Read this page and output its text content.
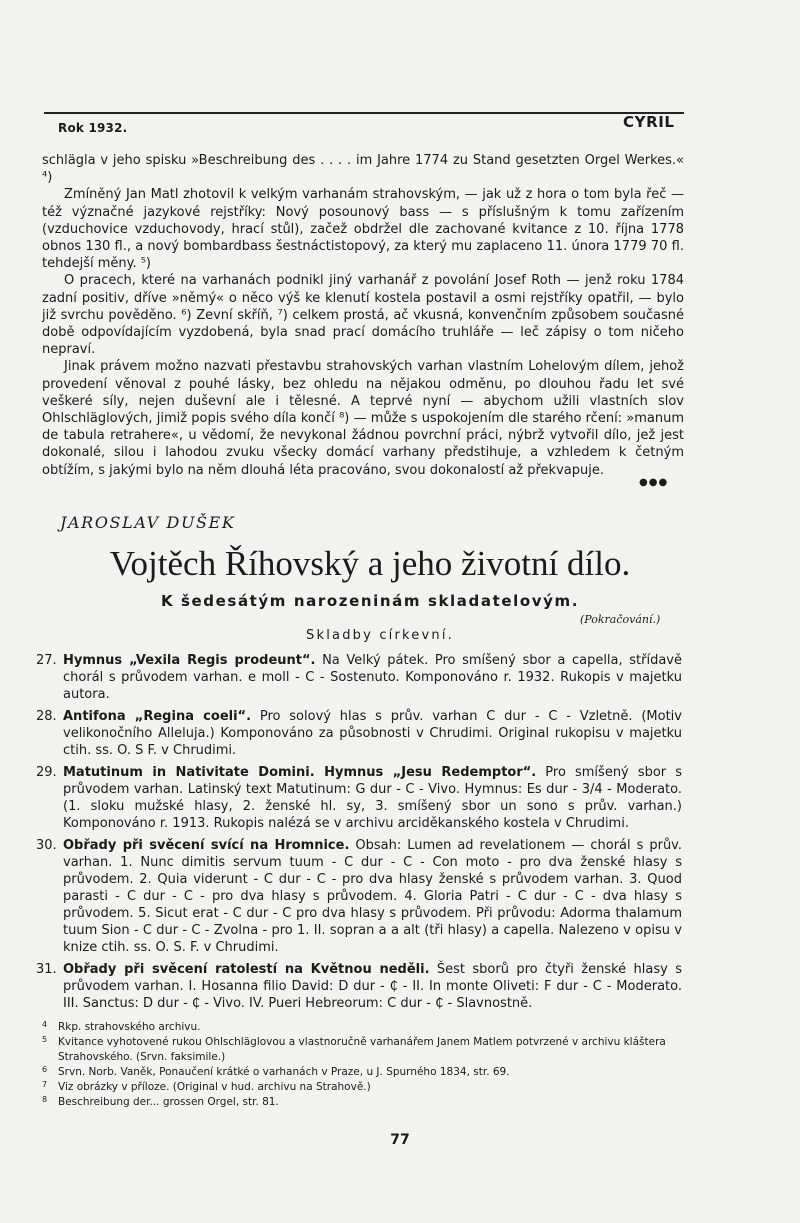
Rok 1932.	CYRIL

schlägla v jeho spisku »Beschreibung des . . . . im Jahre 1774 zu Stand gesetzten Orgel Werkes.« ⁴)

Zmíněný Jan Matl zhotovil k velkým varhanám strahovským, — jak už z hora o tom byla řeč — též význačné jazykové rejstříky: Nový posounový bass — s příslušným k tomu zařízením (vzduchovice vzduchovody, hrací stůl), začež obdržel dle zachované kvitance z 10. října 1778 obnos 130 fl., a nový bombardbass šestnáctistopový, za který mu zaplaceno 11. února 1779 70 fl. tehdejší měny. ⁵)

O pracech, které na varhanách podnikl jiný varhanář z povolání Josef Roth — jenž roku 1784 zadní positiv, dříve »němý« o něco výš ke klenutí kostela postavil a osmi rejstříky opatřil, — bylo již svrchu pověděno. ⁶) Zevní skříň, ⁷) celkem prostá, ač vkusná, konvenčním způsobem současné době odpovídajícím vyzdobená, byla snad prací domácího truhláře — leč zápisy o tom ničeho nepraví.

Jinak právem možno nazvati přestavbu strahovských varhan vlastním Lohelovým dílem, jehož provedení věnoval z pouhé lásky, bez ohledu na nějakou odměnu, po dlouhou řadu let své veškeré síly, nejen duševní ale i tělesné. A teprvé nyní — abychom užili vlastních slov Ohlschläglových, jimiž popis svého díla končí ⁸) — může s uspokojením dle starého rčení: »manum de tabula retrahere«, u vědomí, že nevykonal žádnou povrchní práci, nýbrž vytvořil dílo, jež jest dokonalé, silou i lahodou zvuku všecky domácí varhany předstihuje, a vzhledem k četným obtížím, s jakými bylo na něm dlouhá léta pracováno, svou dokonalostí až překvapuje.

●●●
JAROSLAV DUŠEK
Vojtěch Říhovský a jeho životní dílo.
K šedesátým narozeninám skladatelovým.
(Pokračování.)
Skladby církevní.
27. Hymnus „Vexila Regis prodeunt“. Na Velký pátek. Pro smíšený sbor a capella, střídavě chorál s průvodem varhan. e moll - C - Sostenuto. Komponováno r. 1932. Rukopis v majetku autora.
28. Antifona „Regina coeli“. Pro solový hlas s prův. varhan C dur - C - Vzletně. (Motiv velikonočního Alleluja.) Komponováno za působnosti v Chrudimi. Original rukopisu v majetku ctih. ss. O. S F. v Chrudimi.
29. Matutinum in Nativitate Domini. Hymnus „Jesu Redemptor“. Pro smíšený sbor s průvodem varhan. Latinský text Matutinum: G dur - C - Vivo. Hymnus: Es dur - 3/4 - Moderato. (1. sloku mužské hlasy, 2. ženské hl. sy, 3. smíšený sbor un sono s prův. varhan.) Komponováno r. 1913. Rukopis nalézá se v archivu arciděkanského kostela v Chrudimi.
30. Obřady při svěcení svící na Hromnice. Obsah: Lumen ad revelationem — chorál s prův. varhan. 1. Nunc dimitis servum tuum - C dur - C - Con moto - pro dva ženské hlasy s průvodem. 2. Quia viderunt - C dur - C - pro dva hlasy ženské s průvodem varhan. 3. Quod parasti - C dur - C - pro dva hlasy s průvodem. 4. Gloria Patri - C dur - C - dva hlasy s průvodem. 5. Sicut erat - C dur - C pro dva hlasy s průvodem. Při průvodu: Adorma thalamum tuum Sion - C dur - C - Zvolna - pro 1. II. sopran a a alt (tři hlasy) a capella. Nalezeno v opisu v knize ctih. ss. O. S. F. v Chrudimi.
31. Obřady při svěcení ratolestí na Květnou neděli. Šest sborů pro čtyři ženské hlasy s průvodem varhan. I. Hosanna filio David: D dur - ₵ - II. In monte Oliveti: F dur - C - Moderato. III. Sanctus: D dur - ₵ - Vivo. IV. Pueri Hebreorum: C dur - ₵ - Slavnostně.
4 Rkp. strahovského archivu.
5 Kvitance vyhotovené rukou Ohlschläglovou a vlastnoručně varhanářem Janem Matlem potvrzené v archivu kláštera Strahovského. (Srvn. faksimile.)
6 Srvn. Norb. Vaněk, Ponaučení krátké o varhanách v Praze, u J. Spurného 1834, str. 69.
7 Viz obrázky v příloze. (Original v hud. archivu na Strahově.)
8 Beschreibung der... grossen Orgel, str. 81.
77
